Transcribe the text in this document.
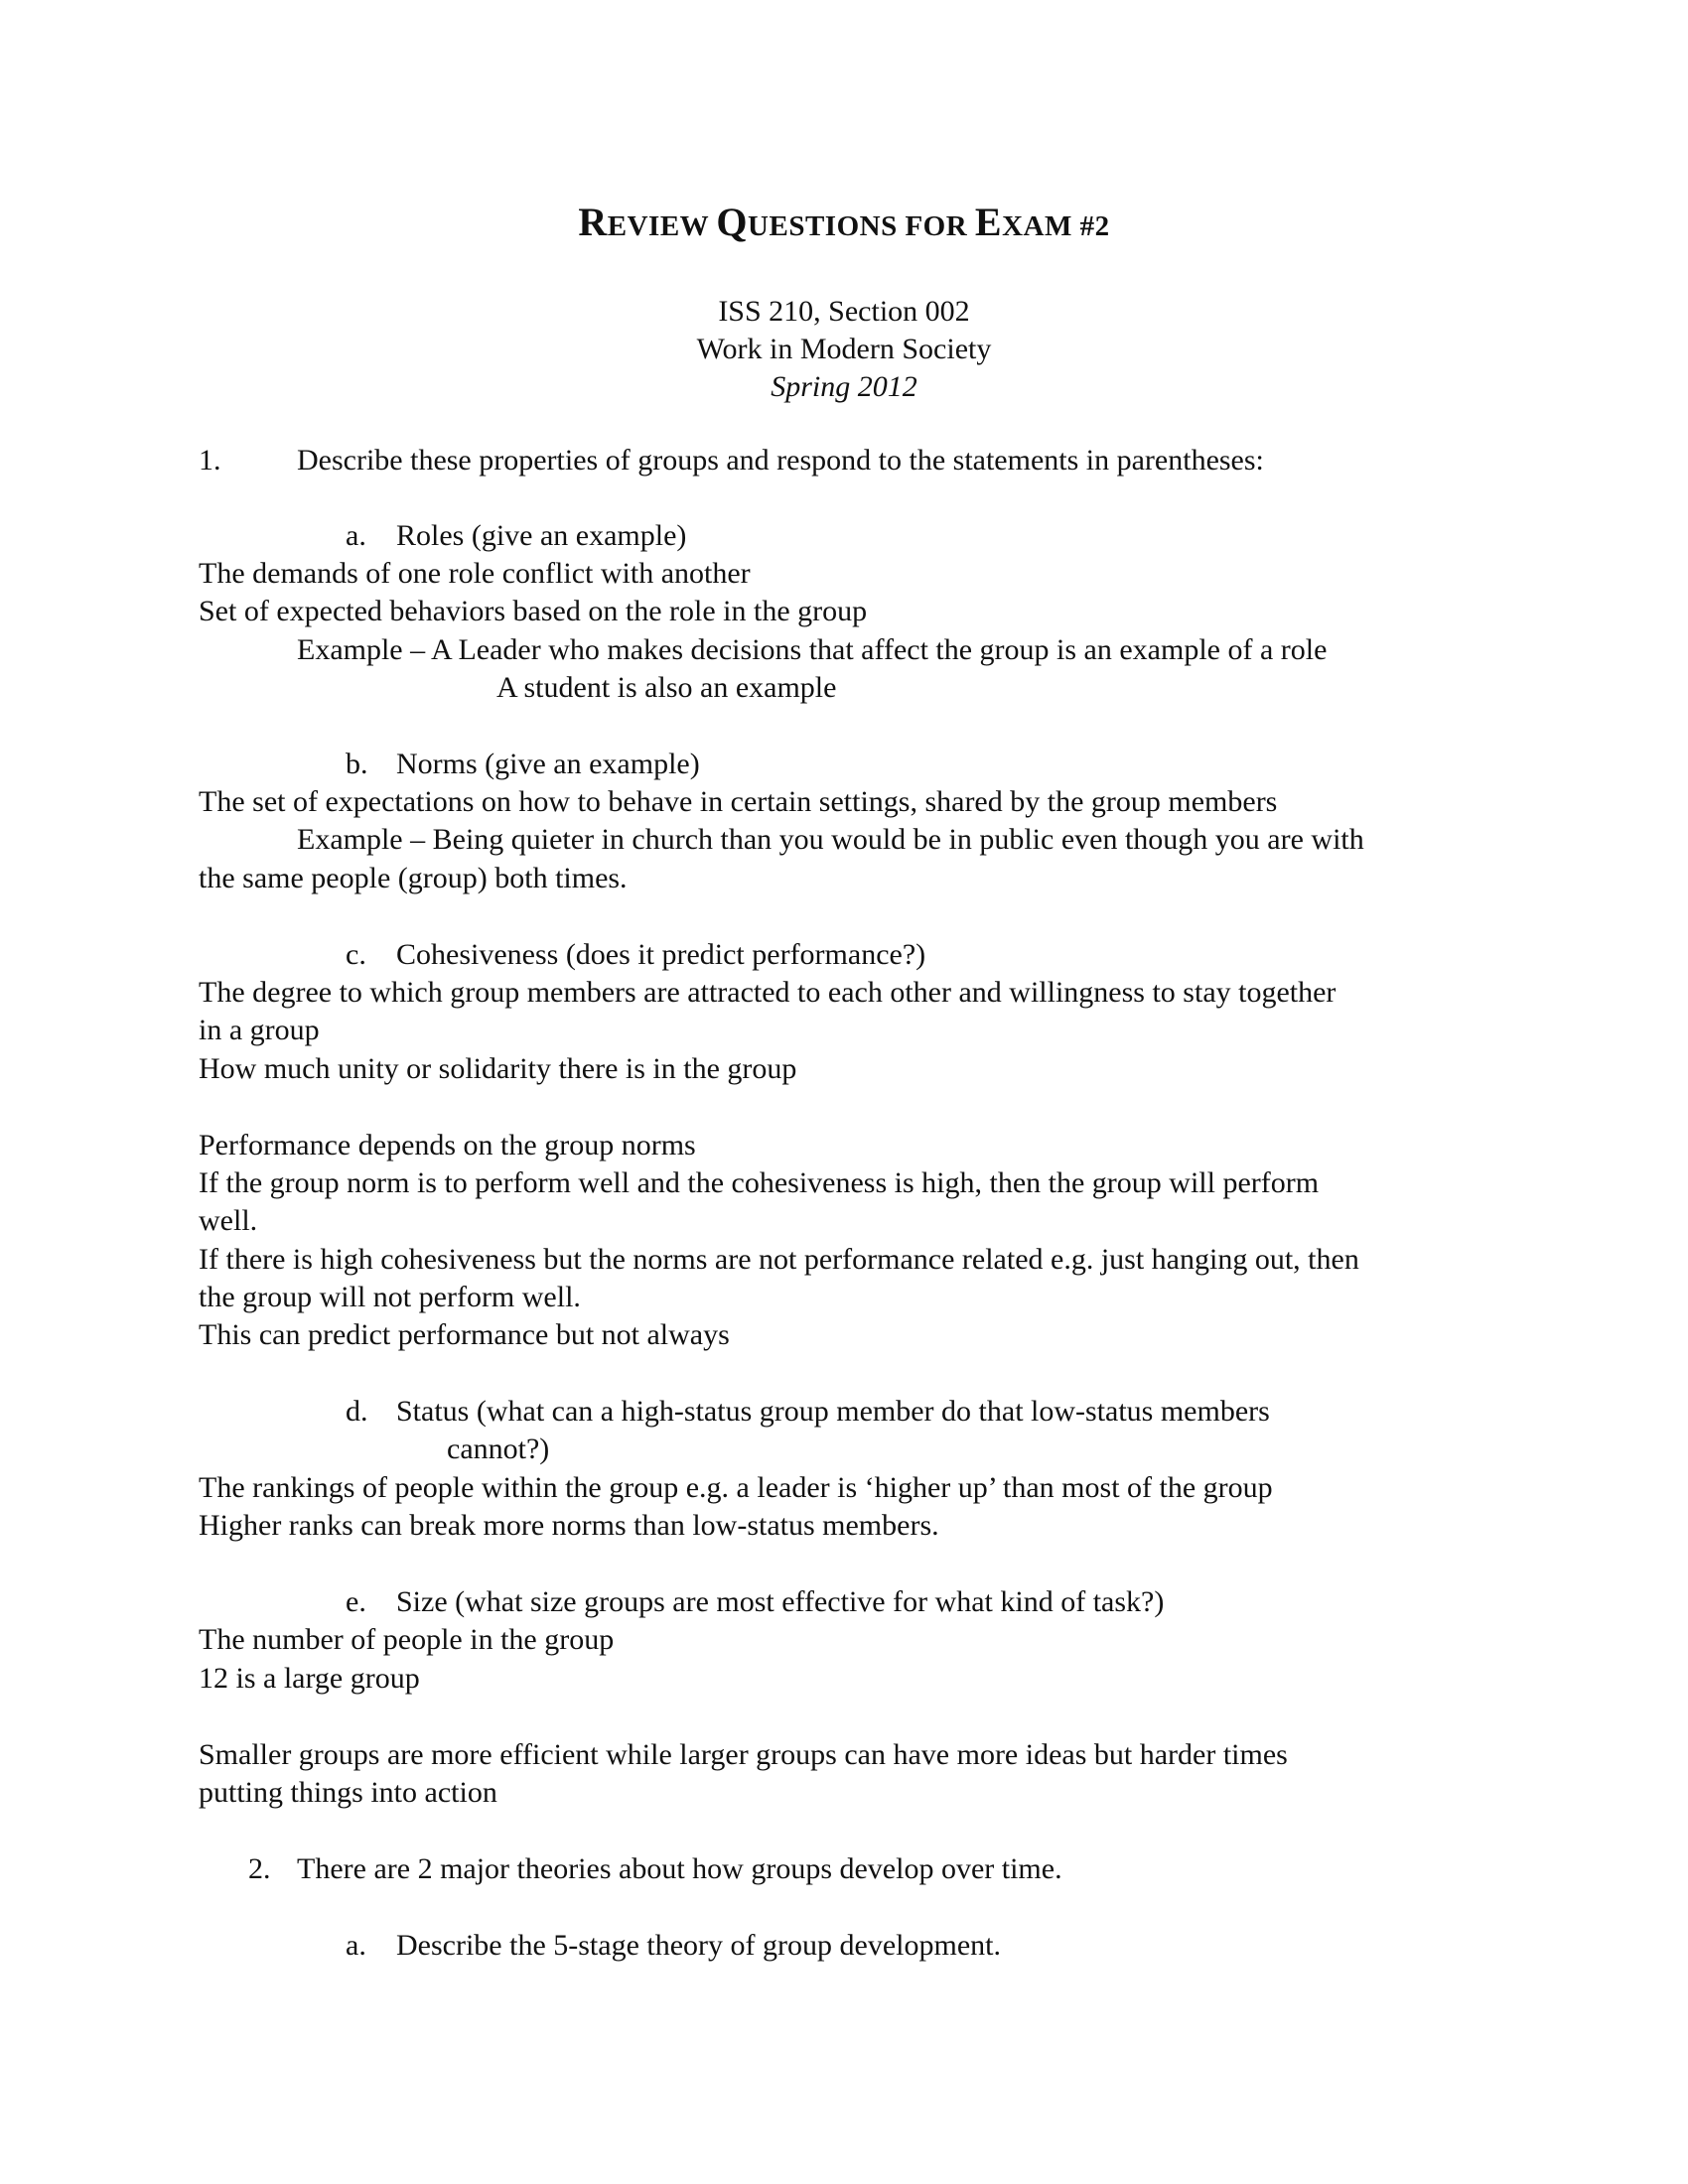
REVIEW QUESTIONS FOR EXAM #2
ISS 210, Section 002
Work in Modern Society
Spring 2012
1.	Describe these properties of groups and respond to the statements in parentheses:
a. Roles (give an example)
The demands of one role conflict with another
Set of expected behaviors based on the role in the group
Example – A Leader who makes decisions that affect the group is an example of a role
A student is also an example
b. Norms (give an example)
The set of expectations on how to behave in certain settings, shared by the group members
Example – Being quieter in church than you would be in public even though you are with
the same people (group) both times.
c. Cohesiveness (does it predict performance?)
The degree to which group members are attracted to each other and willingness to stay together
in a group
How much unity or solidarity there is in the group
Performance depends on the group norms
If the group norm is to perform well and the cohesiveness is high, then the group will perform
well.
If there is high cohesiveness but the norms are not performance related e.g. just hanging out, then
the group will not perform well.
This can predict performance but not always
d. Status (what can a high-status group member do that low-status members
cannot?)
The rankings of people within the group e.g. a leader is ‘higher up’ than most of the group
Higher ranks can break more norms than low-status members.
e. Size (what size groups are most effective for what kind of task?)
The number of people in the group
12 is a large group
Smaller groups are more efficient while larger groups can have more ideas but harder times
putting things into action
2. There are 2 major theories about how groups develop over time.
a. Describe the 5-stage theory of group development.
